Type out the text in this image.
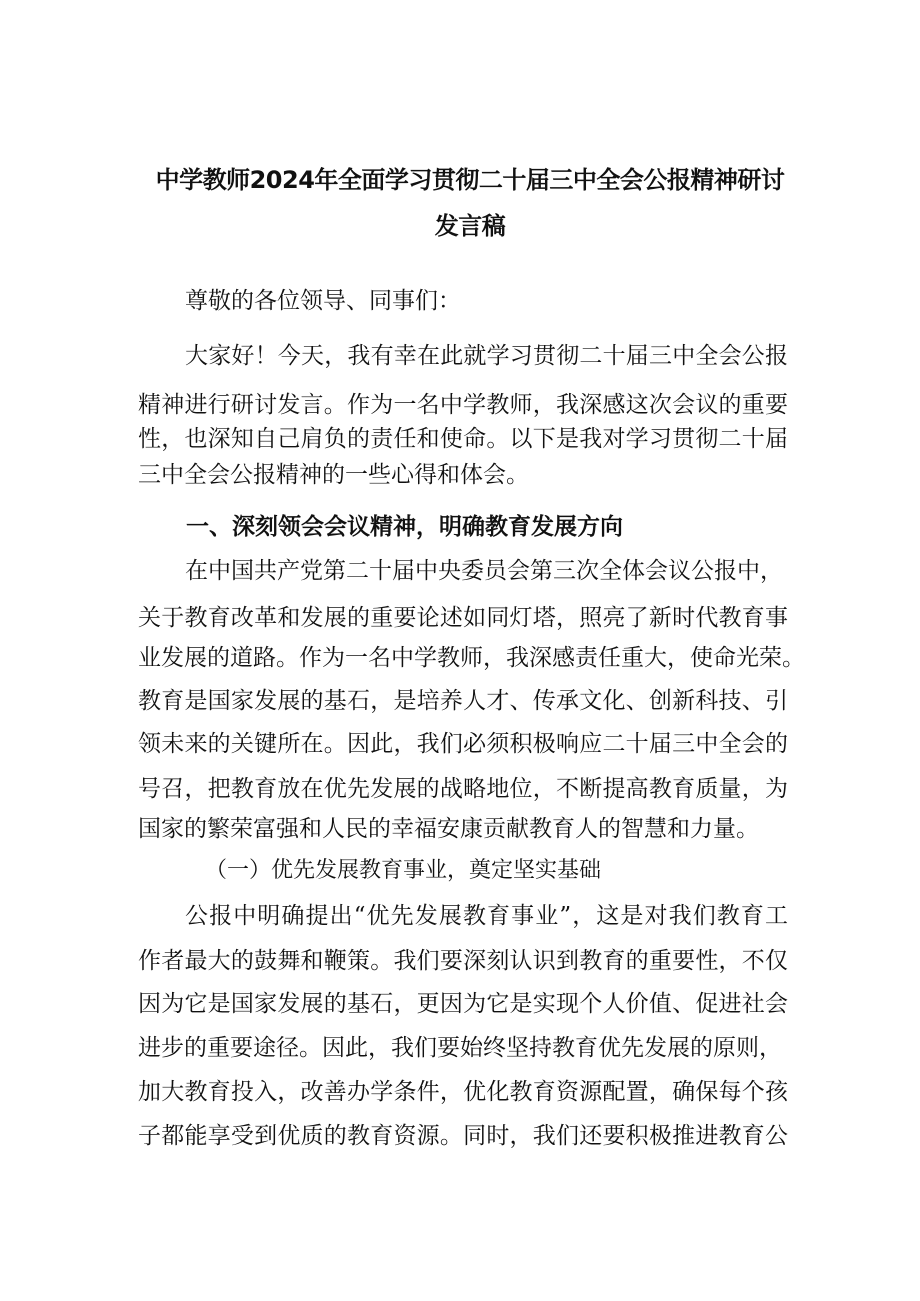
中学教师2024年全面学习贯彻二十届三中全会公报精神研讨
发言稿
尊敬的各位领导、同事们：
大家好！今天，我有幸在此就学习贯彻二十届三中全会公报
精神进行研讨发言。作为一名中学教师，我深感这次会议的重要
性，也深知自己肩负的责任和使命。以下是我对学习贯彻二十届
三中全会公报精神的一些心得和体会。
一、深刻领会会议精神，明确教育发展方向
在中国共产党第二十届中央委员会第三次全体会议公报中，
关于教育改革和发展的重要论述如同灯塔，照亮了新时代教育事
业发展的道路。作为一名中学教师，我深感责任重大，使命光荣。
教育是国家发展的基石，是培养人才、传承文化、创新科技、引
领未来的关键所在。因此，我们必须积极响应二十届三中全会的
号召，把教育放在优先发展的战略地位，不断提高教育质量，为
国家的繁荣富强和人民的幸福安康贡献教育人的智慧和力量。
（一）优先发展教育事业，奠定坚实基础
公报中明确提出“优先发展教育事业”，这是对我们教育工
作者最大的鼓舞和鞭策。我们要深刻认识到教育的重要性，不仅
因为它是国家发展的基石，更因为它是实现个人价值、促进社会
进步的重要途径。因此，我们要始终坚持教育优先发展的原则，
加大教育投入，改善办学条件，优化教育资源配置，确保每个孩
子都能享受到优质的教育资源。同时，我们还要积极推进教育公
